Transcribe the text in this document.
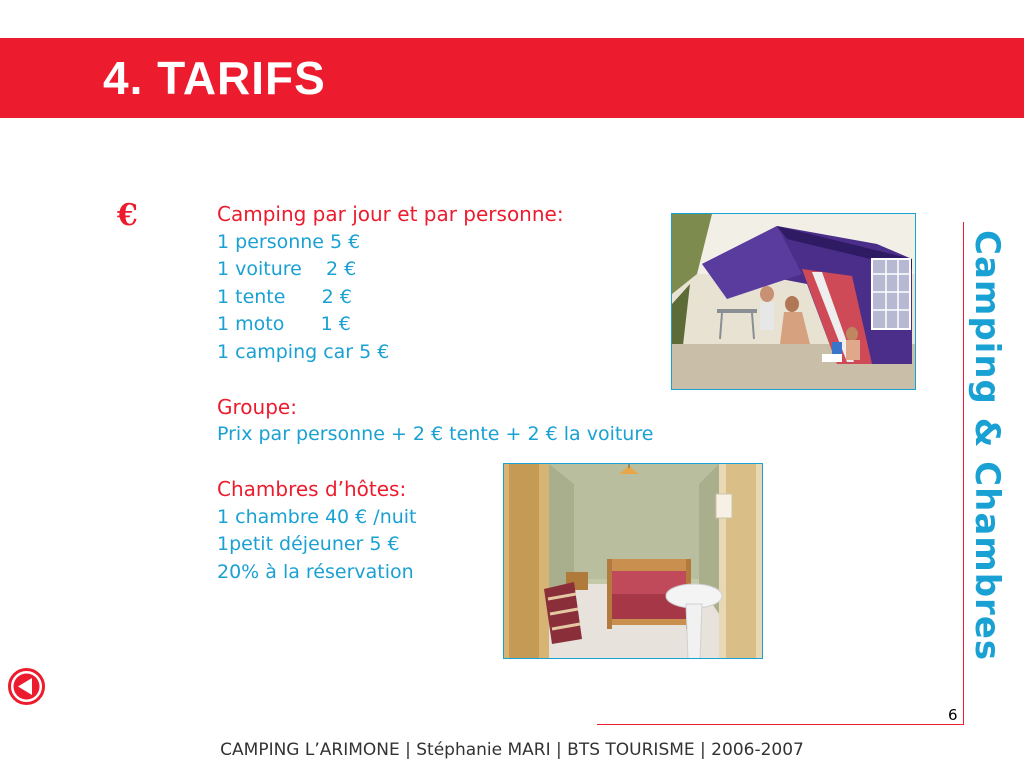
4. TARIFS
€	Camping par jour et par personne:
1 personne 5 €
1 voiture    2 €
1 tente      2 €
1 moto      1 €
1 camping car 5 €
Groupe:
Prix par personne + 2 € tente + 2 € la voiture
Chambres d’hôtes:
1 chambre 40 € /nuit
1petit déjeuner 5 €
20% à la réservation	Camping & Chambres
6
CAMPING L’ARIMONE | Stéphanie MARI | BTS TOURISME | 2006-2007
